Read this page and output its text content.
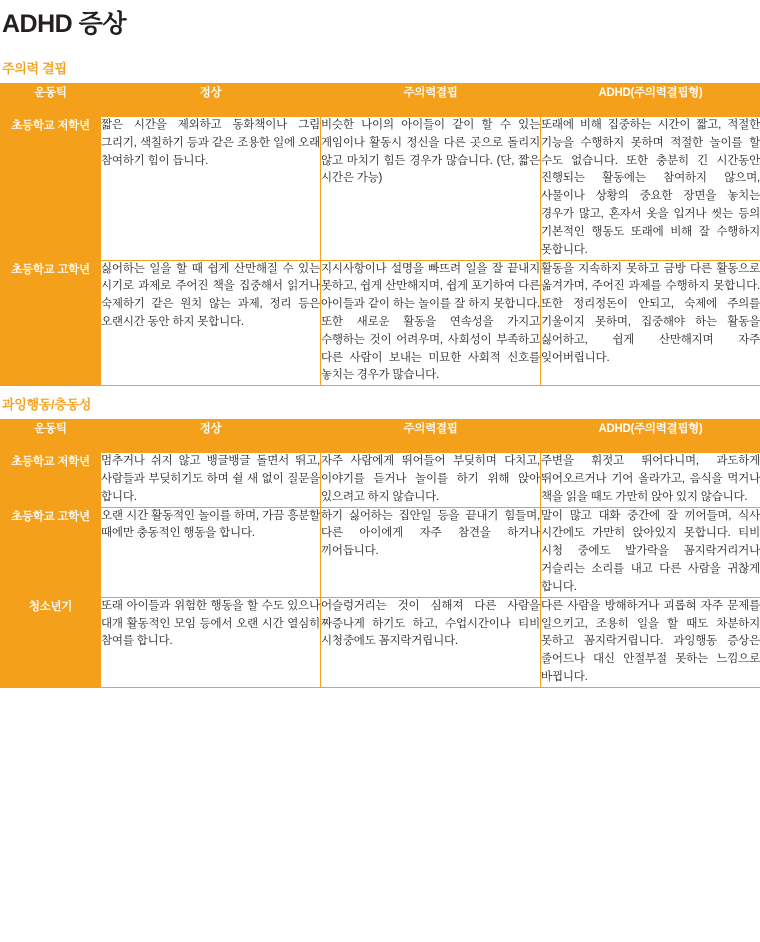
ADHD 증상
주의력 결핍
운동틱	정상	주의력결핍	ADHD(주의력결핍형)
초등학교 저학년	짧은 시간을 제외하고 동화책이나 그림 그리기, 색칠하기 등과 같은 조용한 일에 오래 참여하기 힘이 듭니다.	비슷한 나이의 아이들이 같이 할 수 있는 게임이나 활동시 정신을 다른 곳으로 돌리지 않고 마치기 힘든 경우가 많습니다. (단, 짧은 시간은 가능)	또래에 비해 집중하는 시간이 짧고, 적절한 기능을 수행하지 못하며 적절한 놀이를 할 수도 없습니다. 또한 충분히 긴 시간동안 진행되는 활동에는 참여하지 않으며, 사물이나 상황의 중요한 장면을 놓치는 경우가 많고, 혼자서 옷을 입거나 씻는 등의 기본적인 행동도 또래에 비해 잘 수행하지 못합니다.
초등학교 고학년	싫어하는 일을 할 때 쉽게 산만해질 수 있는 시기로 과제로 주어진 책을 집중해서 읽거나 숙제하기 같은 원치 않는 과제, 정리 등은 오랜시간 동안 하지 못합니다.	지시사항이나 설명을 빠뜨려 일을 잘 끝내지 못하고, 쉽게 산만해지며, 쉽게 포기하여 다른 아이들과 같이 하는 놀이를 잘 하지 못합니다. 또한 새로운 활동을 연속성을 가지고 수행하는 것이 어려우며, 사회성이 부족하고 다른 사람이 보내는 미묘한 사회적 신호를 놓치는 경우가 많습니다.	활동을 지속하지 못하고 금방 다른 활동으로 옮겨가며, 주어진 과제를 수행하지 못합니다. 또한 정리정돈이 안되고, 숙제에 주의를 기울이지 못하며, 집중해야 하는 활동을 싫어하고, 쉽게 산만해지며 자주 잊어버립니다.
과잉행동/충동성
운동틱	정상	주의력결핍	ADHD(주의력결핍형)
초등학교 저학년	멈추거나 쉬지 않고 뱅글뱅글 돌면서 뛰고, 사람들과 부딪히기도 하며 쉴 새 없이 질문을 합니다.	자주 사람에게 뛰어들어 부딪히며 다치고, 이야기를 듣거나 놀이를 하기 위해 앉아 있으려고 하지 않습니다.	주변을 휘젓고 뛰어다니며, 과도하게 뛰어오르거나 기어 올라가고, 음식을 먹거나 책을 읽을 때도 가만히 앉아 있지 않습니다.
초등학교 고학년	오랜 시간 활동적인 놀이를 하며, 가끔 흥분할 때에만 충동적인 행동을 합니다.	하기 싫어하는 집안일 등을 끝내기 힘들며, 다른 아이에게 자주 참견을 하거나 끼어듭니다.	말이 많고 대화 중간에 잘 끼어들며, 식사 시간에도 가만히 앉아있지 못합니다. 티비 시청 중에도 발가락을 꼼지락거리거나 거슬리는 소리를 내고 다른 사람을 귀찮게 합니다.
청소년기	또래 아이들과 위험한 행동을 할 수도 있으나 대개 활동적인 모임 등에서 오랜 시간 열심히 참여를 합니다.	어슬렁거리는 것이 심해져 다른 사람을 짜증나게 하기도 하고, 수업시간이나 티비 시청중에도 꼼지락거립니다.	다른 사람을 방해하거나 괴롭혀 자주 문제를 일으키고, 조용히 일을 할 때도 차분하지 못하고 꼼지락거립니다. 과잉행동 증상은 줄어드나 대신 안절부절 못하는 느낌으로 바뀝니다.
